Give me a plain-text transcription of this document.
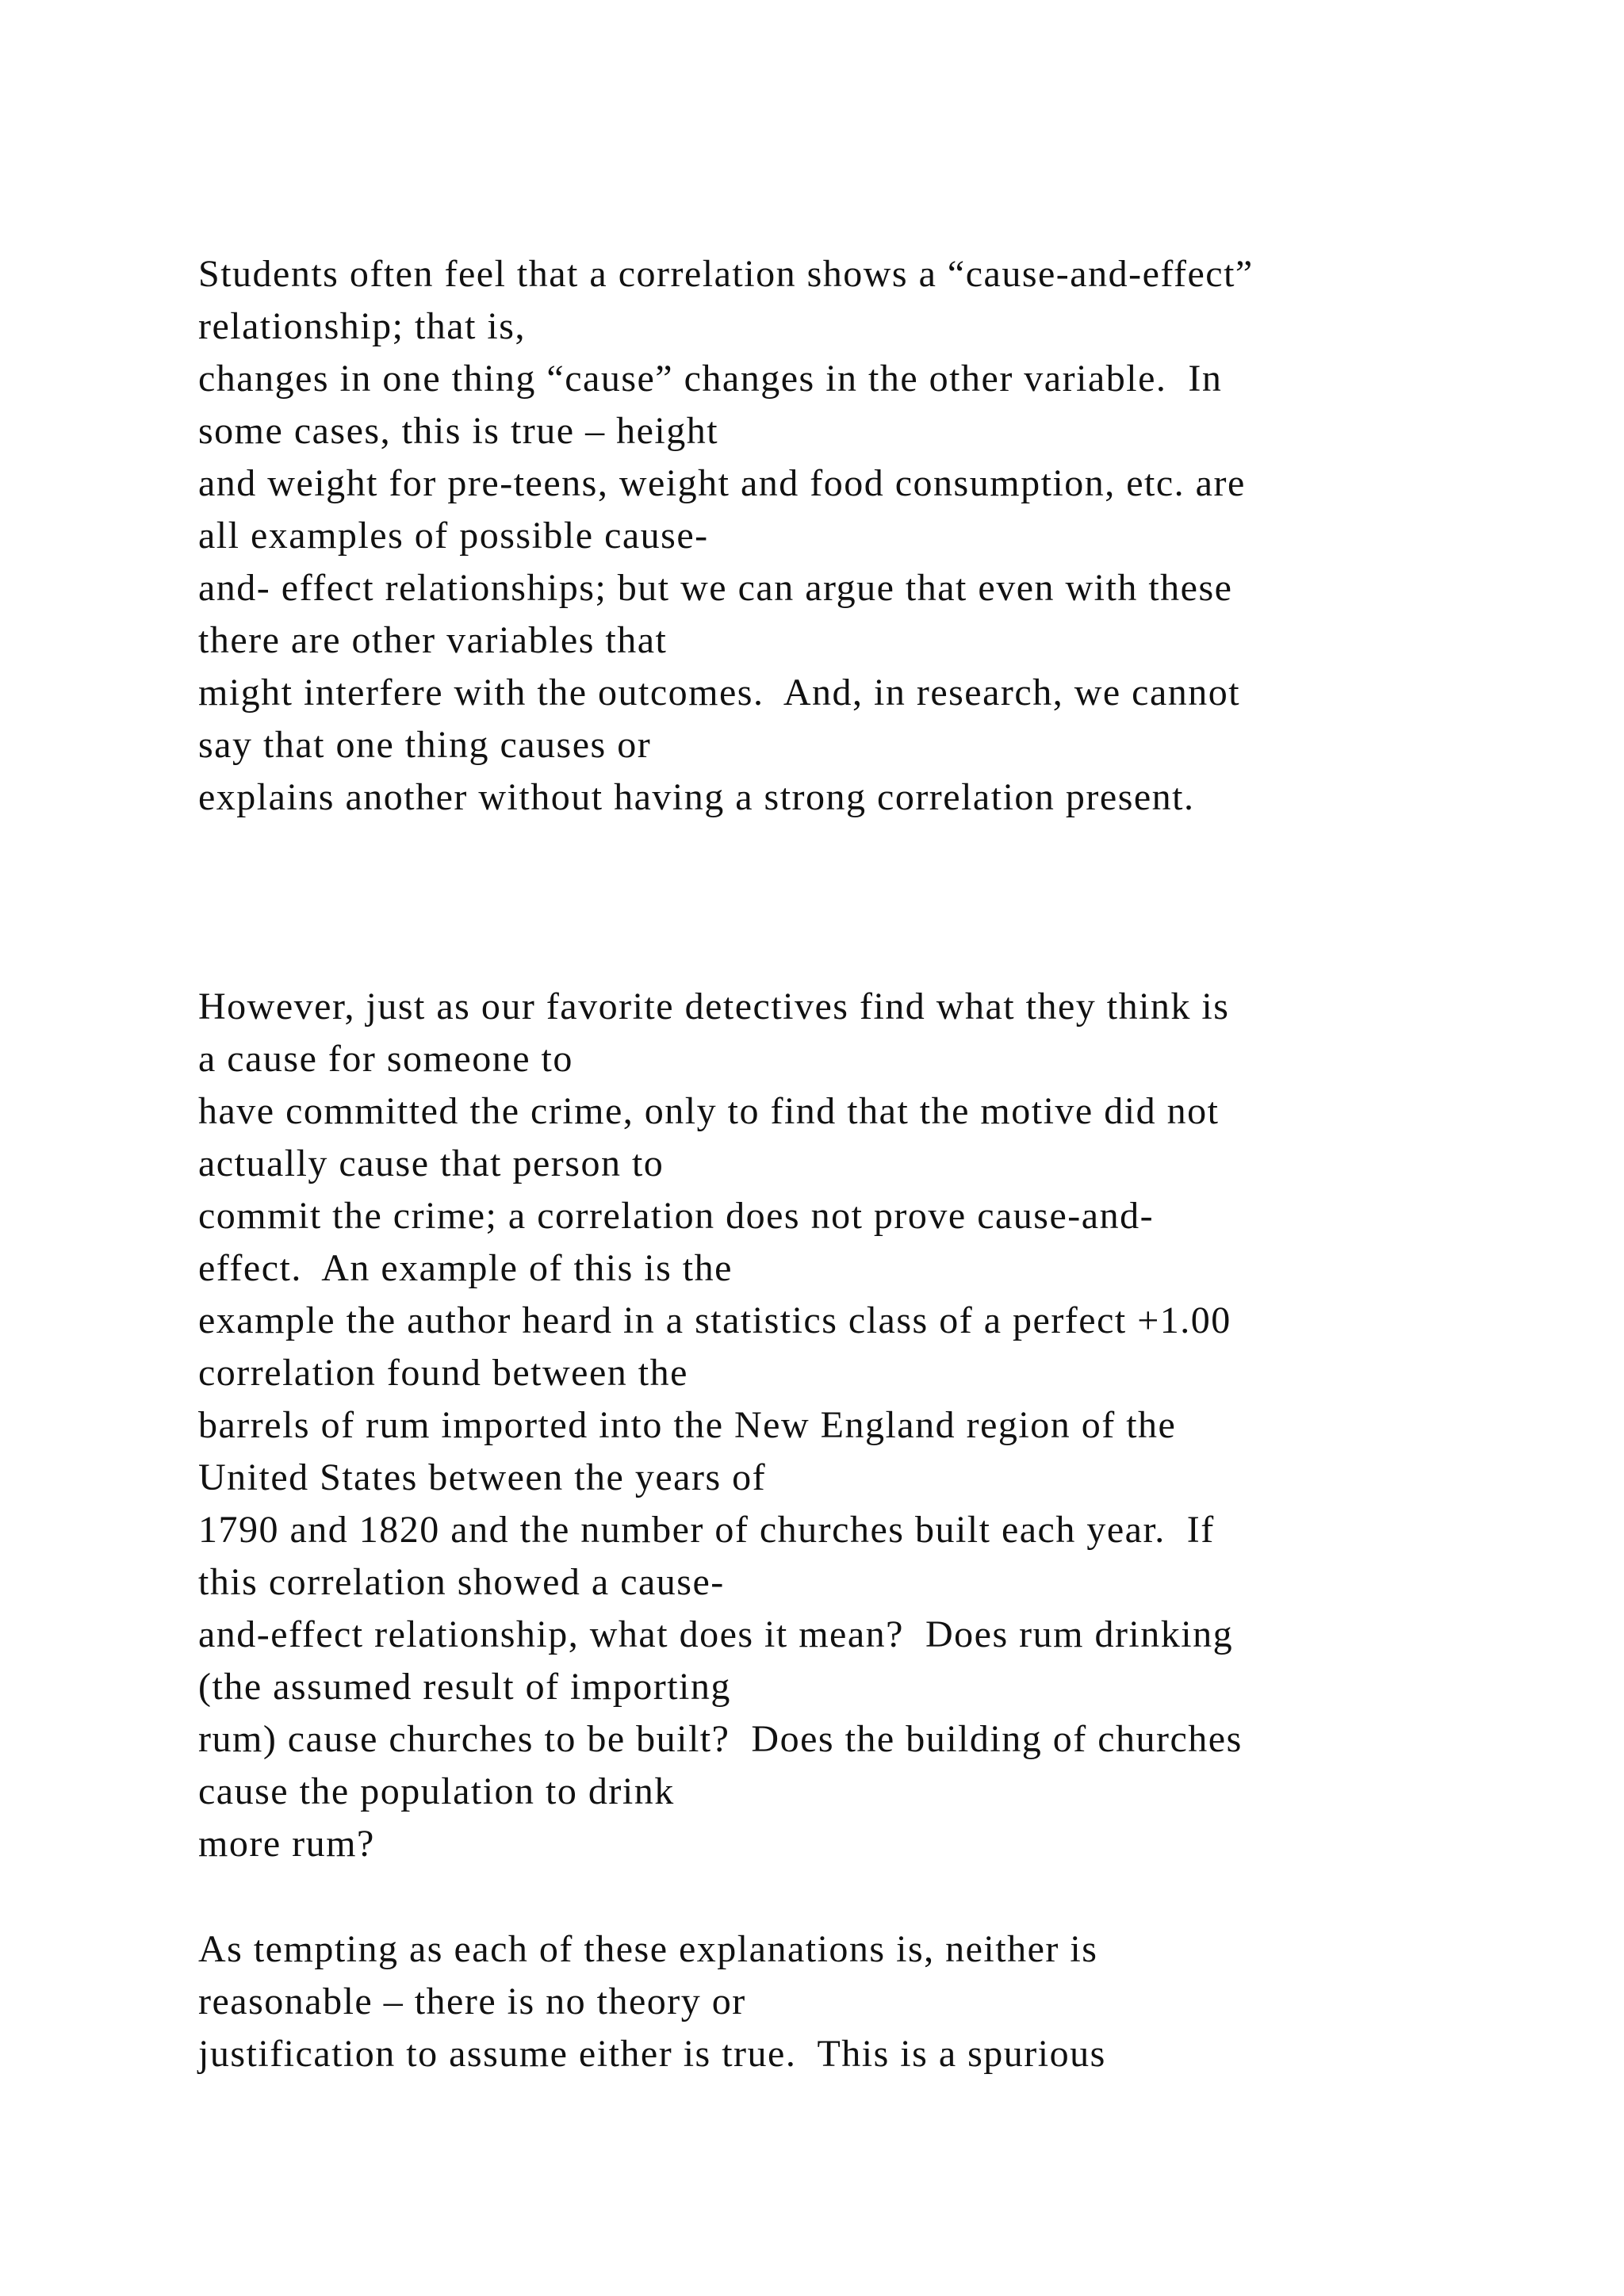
Students often feel that a correlation shows a “cause-and-effect”
relationship; that is,
changes in one thing “cause” changes in the other variable.  In
some cases, this is true – height
and weight for pre-teens, weight and food consumption, etc. are
all examples of possible cause-
and- effect relationships; but we can argue that even with these
there are other variables that
might interfere with the outcomes.  And, in research, we cannot
say that one thing causes or
explains another without having a strong correlation present.
However, just as our favorite detectives find what they think is
a cause for someone to
have committed the crime, only to find that the motive did not
actually cause that person to
commit the crime; a correlation does not prove cause-and-
effect.  An example of this is the
example the author heard in a statistics class of a perfect +1.00
correlation found between the
barrels of rum imported into the New England region of the
United States between the years of
1790 and 1820 and the number of churches built each year.  If
this correlation showed a cause-
and-effect relationship, what does it mean?  Does rum drinking
(the assumed result of importing
rum) cause churches to be built?  Does the building of churches
cause the population to drink
more rum?
As tempting as each of these explanations is, neither is
reasonable – there is no theory or
justification to assume either is true.  This is a spurious
